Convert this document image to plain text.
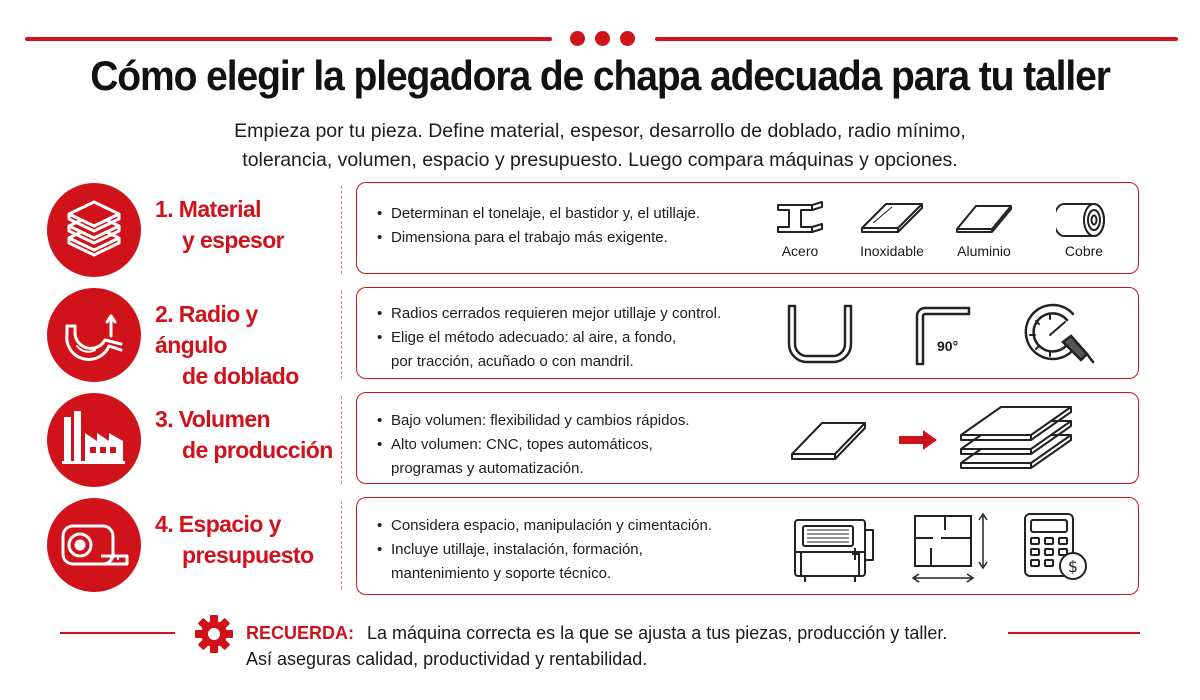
Cómo elegir la plegadora de chapa adecuada para tu taller
Empieza por tu pieza. Define material, espesor, desarrollo de doblado, radio mínimo,
tolerancia, volumen, espacio y presupuesto. Luego compara máquinas y opciones.
1. Material
y espesor
• Determinan el tonelaje, el bastidor y, el utillaje.
• Dimensiona para el trabajo más exigente.
Acero	Inoxidable	Aluminio	Cobre
2. Radio y ángulo
de doblado
• Radios cerrados requieren mejor utillaje y control.
• Elige el método adecuado: al aire, a fondo,
por tracción, acuñado o con mandril.
90°
3. Volumen
de producción
• Bajo volumen: flexibilidad y cambios rápidos.
• Alto volumen: CNC, topes automáticos,
programas y automatización.
4. Espacio y
presupuesto
• Considera espacio, manipulación y cimentación.
• Incluye utillaje, instalación, formación,
mantenimiento y soporte técnico.	$
RECUERDA: La máquina correcta es la que se ajusta a tus piezas, producción y taller.
Así aseguras calidad, productividad y rentabilidad.
